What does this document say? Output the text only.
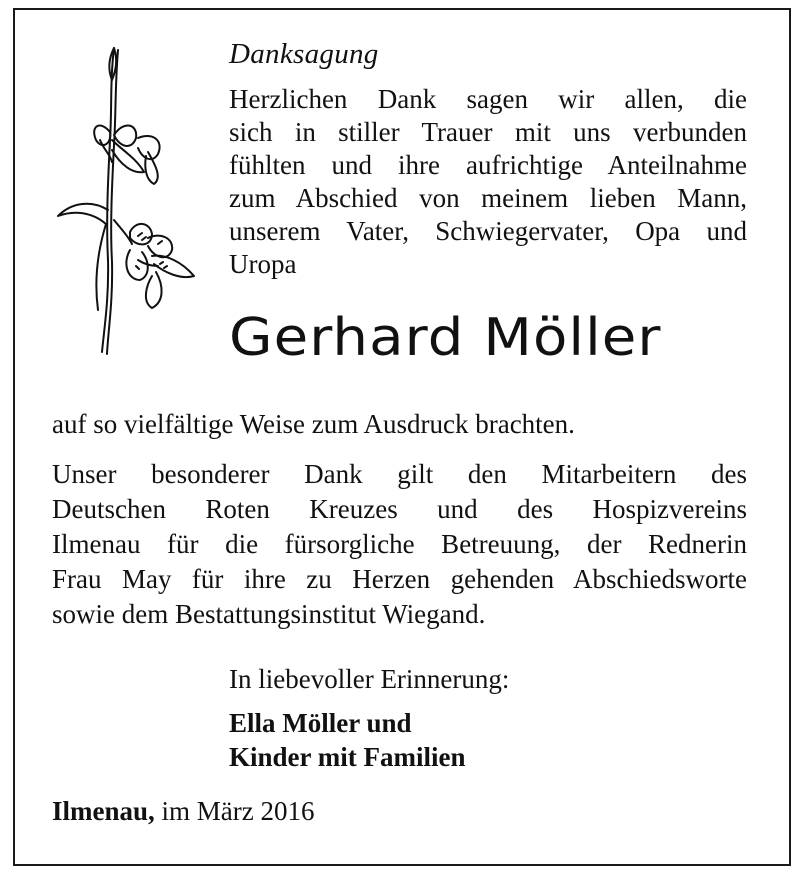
Danksagung
Herzlichen Dank sagen wir allen, die
sich in stiller Trauer mit uns verbunden
fühlten und ihre aufrichtige Anteilnahme
zum Abschied von meinem lieben Mann,
unserem Vater, Schwiegervater, Opa und
Uropa
Gerhard Möller
auf so vielfältige Weise zum Ausdruck brachten.
Unser besonderer Dank gilt den Mitarbeitern des
Deutschen Roten Kreuzes und des Hospizvereins
Ilmenau für die fürsorgliche Betreuung, der Rednerin
Frau May für ihre zu Herzen gehenden Abschiedsworte
sowie dem Bestattungsinstitut Wiegand.
In liebevoller Erinnerung:
Ella Möller und
Kinder mit Familien
Ilmenau, im März 2016
